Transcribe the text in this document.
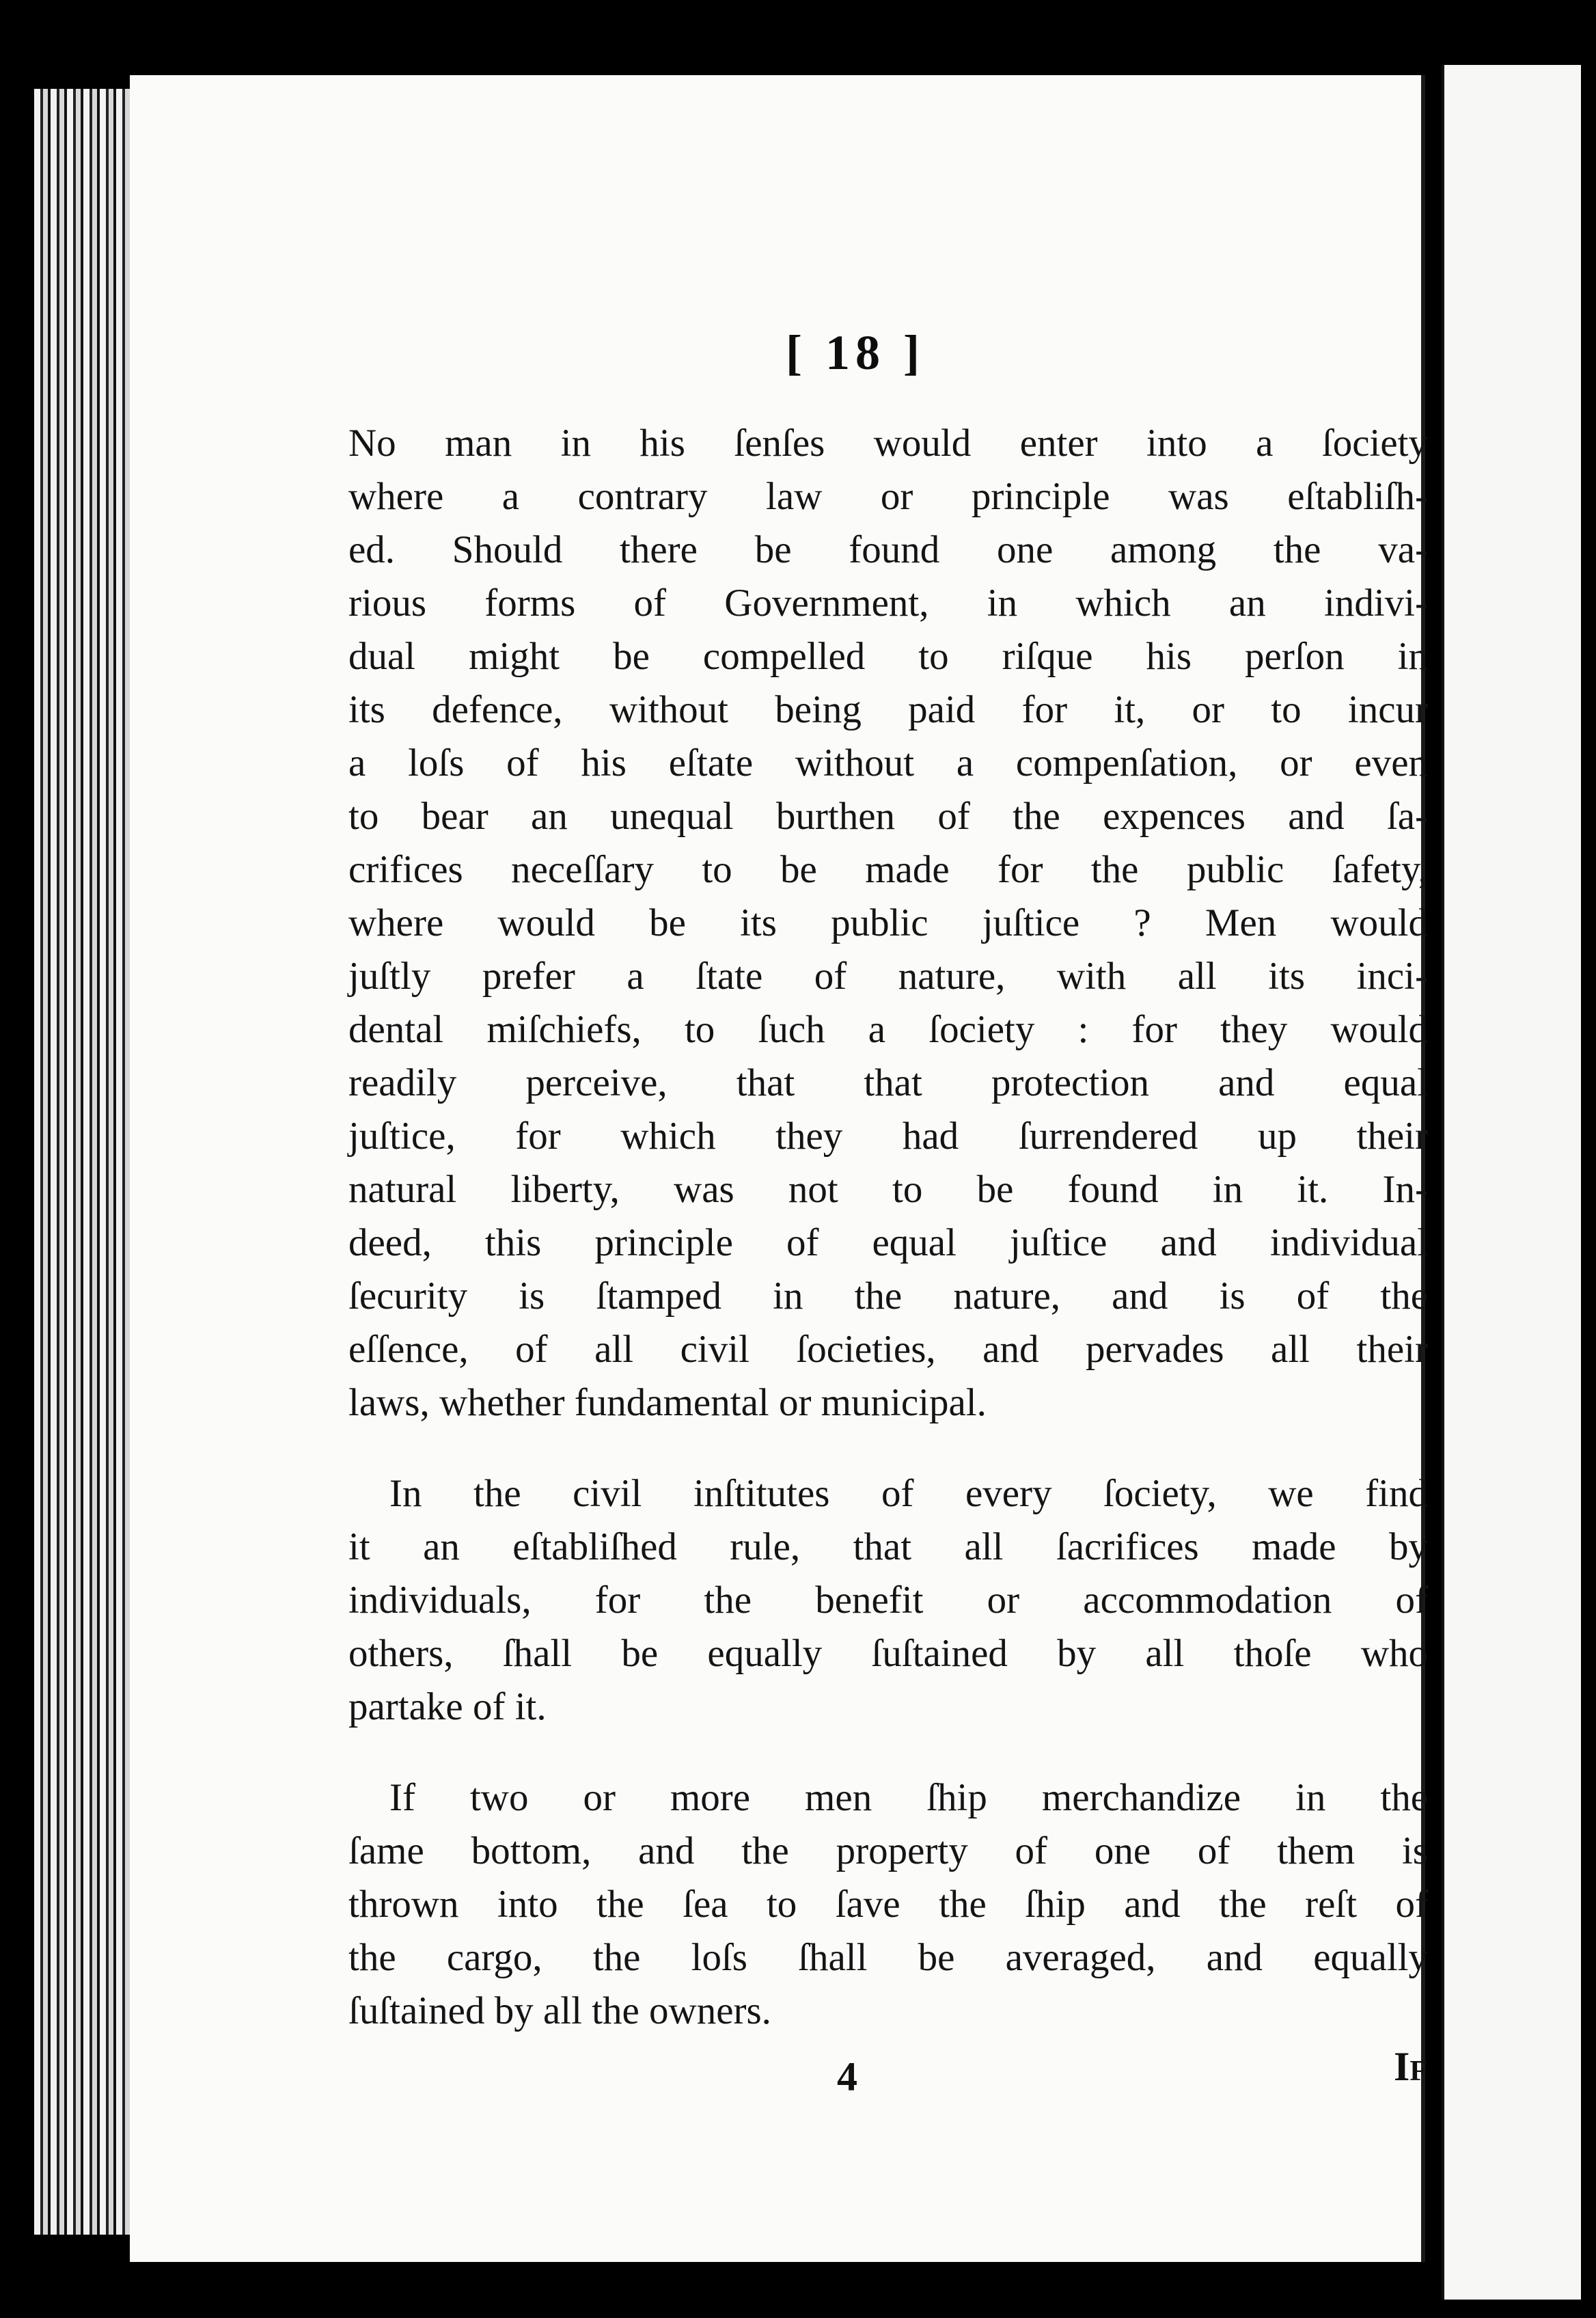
[ 18 ]
No man in his ſenſes would enter into a ſociety
where a contrary law or principle was eſtabliſh-
ed. Should there be found one among the va-
rious forms of Government, in which an indivi-
dual might be compelled to riſque his perſon in
its defence, without being paid for it, or to incur
a loſs of his eſtate without a compenſation, or even
to bear an unequal burthen of the expences and ſa-
crifices neceſſary to be made for the public ſafety,
where would be its public juſtice ? Men would
juſtly prefer a ſtate of nature, with all its inci-
dental miſchiefs, to ſuch a ſociety : for they would
readily perceive, that that protection and equal
juſtice, for which they had ſurrendered up their
natural liberty, was not to be found in it. In-
deed, this principle of equal juſtice and individual
ſecurity is ſtamped in the nature, and is of the
eſſence, of all civil ſocieties, and pervades all their
laws, whether fundamental or municipal.
In the civil inſtitutes of every ſociety, we find
it an eſtabliſhed rule, that all ſacrifices made by
individuals, for the benefit or accommodation of
others, ſhall be equally ſuſtained by all thoſe who
partake of it.
If two or more men ſhip merchandize in the
ſame bottom, and the property of one of them is
thrown into the ſea to ſave the ſhip and the reſt of
the cargo, the loſs ſhall be averaged, and equally
ſuſtained by all the owners.
4	If
